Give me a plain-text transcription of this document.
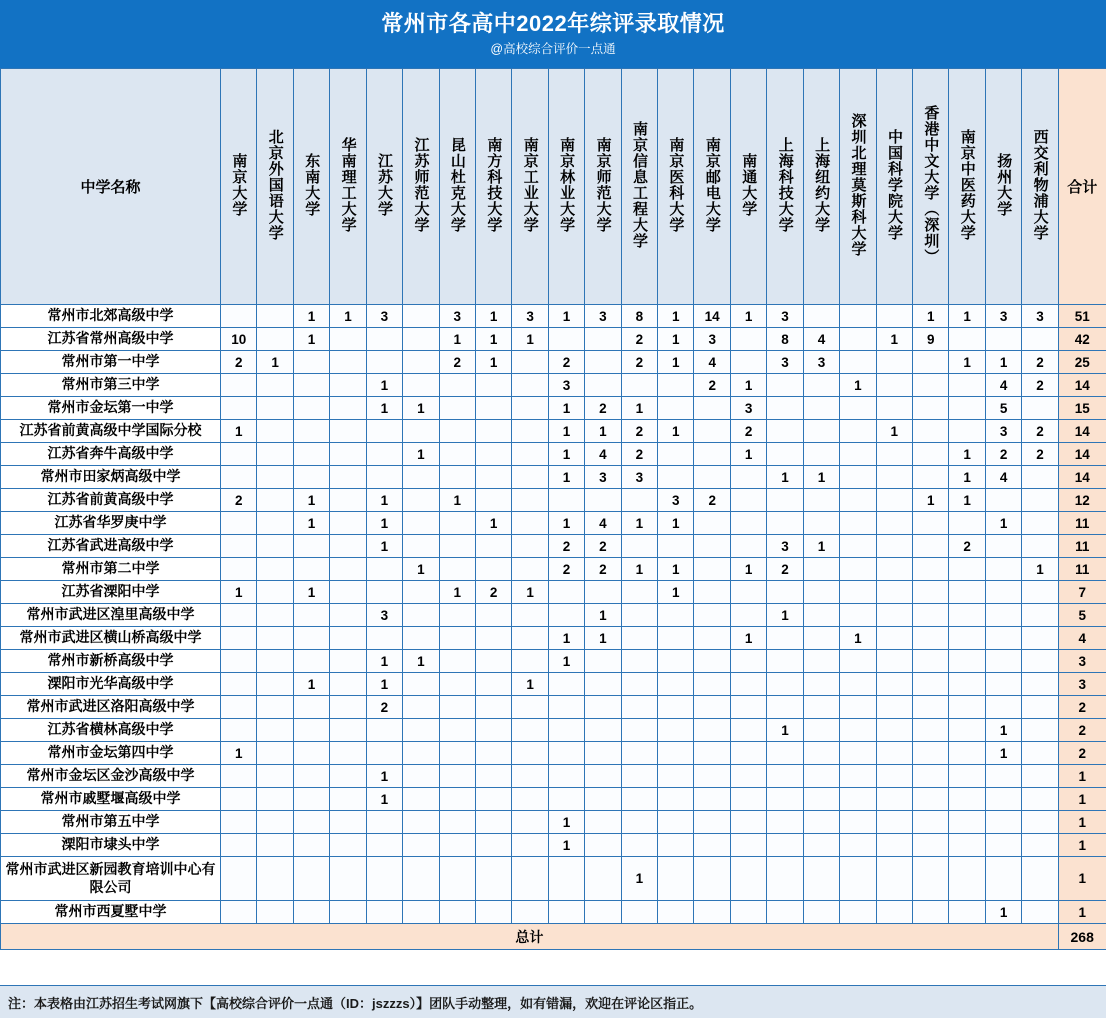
常州市各高中2022年综评录取情况
@高校综合评价一点通
中学名称	南京大学	北京外国语大学	东南大学	华南理工大学	江苏大学	江苏师范大学	昆山杜克大学	南方科技大学	南京工业大学	南京林业大学	南京师范大学	南京信息工程大学	南京医科大学	南京邮电大学	南通大学	上海科技大学	上海纽约大学	深圳北理莫斯科大学	中国科学院大学	香港中文大学（深圳）	南京中医药大学	扬州大学	西交利物浦大学	合计
常州市北郊高级中学			1	1	3		3	1	3	1	3	8	1	14	1	3				1	1	3	3	51
江苏省常州高级中学	10		1				1	1	1			2	1	3		8	4		1	9				42
常州市第一中学	2	1					2	1		2		2	1	4		3	3				1	1	2	25
常州市第三中学					1					3				2	1			1				4	2	14
常州市金坛第一中学					1	1				1	2	1			3							5		15
江苏省前黄高级中学国际分校	1									1	1	2	1		2				1			3	2	14
江苏省奔牛高级中学						1				1	4	2			1						1	2	2	14
常州市田家炳高级中学										1	3	3				1	1				1	4		14
江苏省前黄高级中学	2		1		1		1						3	2						1	1			12
江苏省华罗庚中学			1		1			1		1	4	1	1									1		11
江苏省武进高级中学					1					2	2					3	1				2			11
常州市第二中学						1				2	2	1	1		1	2							1	11
江苏省溧阳中学	1		1				1	2	1				1											7
常州市武进区湟里高级中学					3						1					1								5
常州市武进区横山桥高级中学										1	1				1			1						4
常州市新桥高级中学					1	1				1														3
溧阳市光华高级中学			1		1				1															3
常州市武进区洛阳高级中学					2																			2
江苏省横林高级中学																1						1		2
常州市金坛第四中学	1																					1		2
常州市金坛区金沙高级中学					1																			1
常州市戚墅堰高级中学					1																			1
常州市第五中学										1														1
溧阳市埭头中学										1														1
常州市武进区新园教育培训中心有限公司												1												1
常州市西夏墅中学																						1		1
总计																								268
注：本表格由江苏招生考试网旗下【高校综合评价一点通（ID：jszzzs）】团队手动整理，如有错漏，欢迎在评论区指正。
